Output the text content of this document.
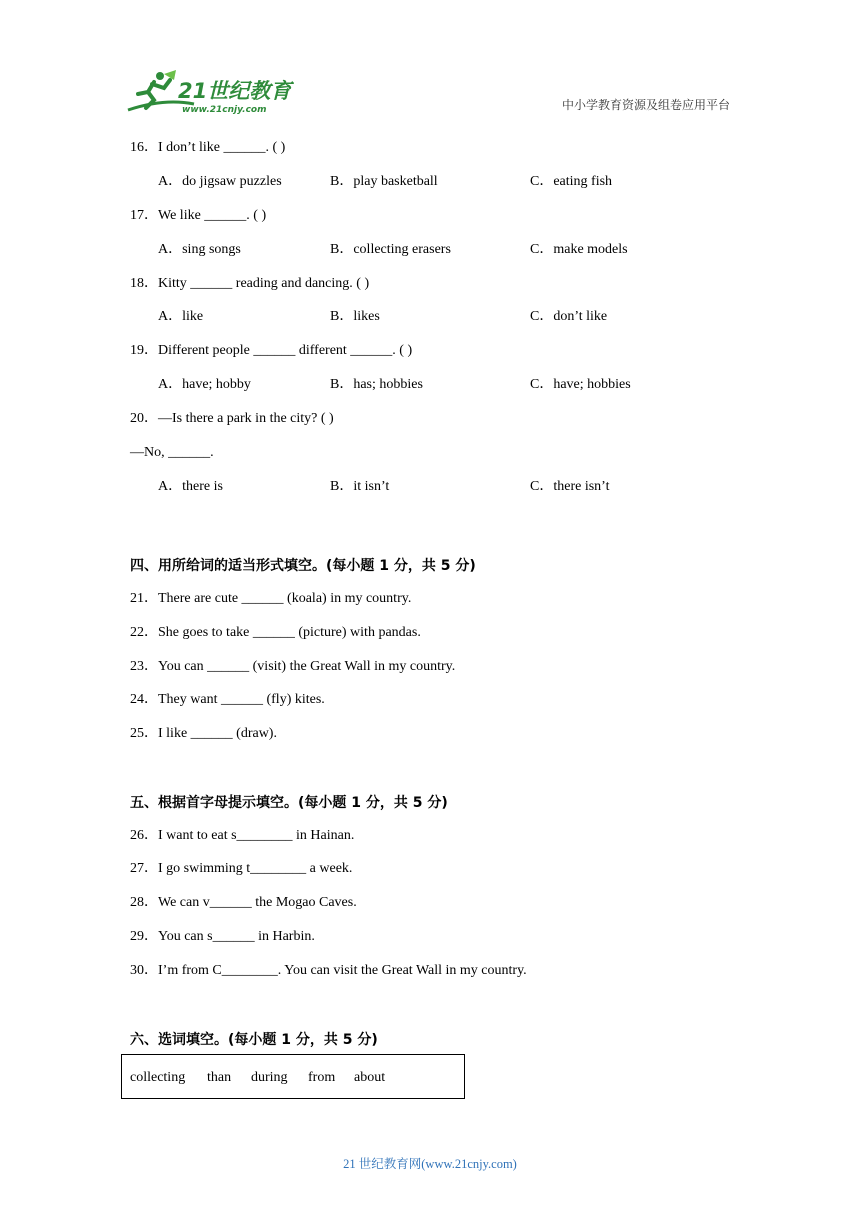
21世纪教育
www.21cnjy.com	中小学教育资源及组卷应用平台
16．I don’t like ______. ( )
A．do jigsaw puzzles	B．play basketball	C．eating fish
17．We like ______. ( )
A．sing songs	B．collecting erasers	C．make models
18．Kitty ______ reading and dancing. ( )
A．like	B．likes	C．don’t like
19．Different people ______ different ______. ( )
A．have; hobby	B．has; hobbies	C．have; hobbies
20．—Is there a park in the city? ( )
—No, ______.
A．there is	B．it isn’t	C．there isn’t
四、用所给词的适当形式填空。(每小题 1 分，共 5 分)
21．There are cute ______ (koala) in my country.
22．She goes to take ______ (picture) with pandas.
23．You can ______ (visit) the Great Wall in my country.
24．They want ______ (fly) kites.
25．I like ______ (draw).
五、根据首字母提示填空。(每小题 1 分，共 5 分)
26．I want to eat s________ in Hainan.
27．I go swimming t________ a week.
28．We can v______ the Mogao Caves.
29．You can s______ in Harbin.
30．I’m from C________. You can visit the Great Wall in my country.
六、选词填空。(每小题 1 分，共 5 分)
collecting than during from about
21 世纪教育网(www.21cnjy.com)
